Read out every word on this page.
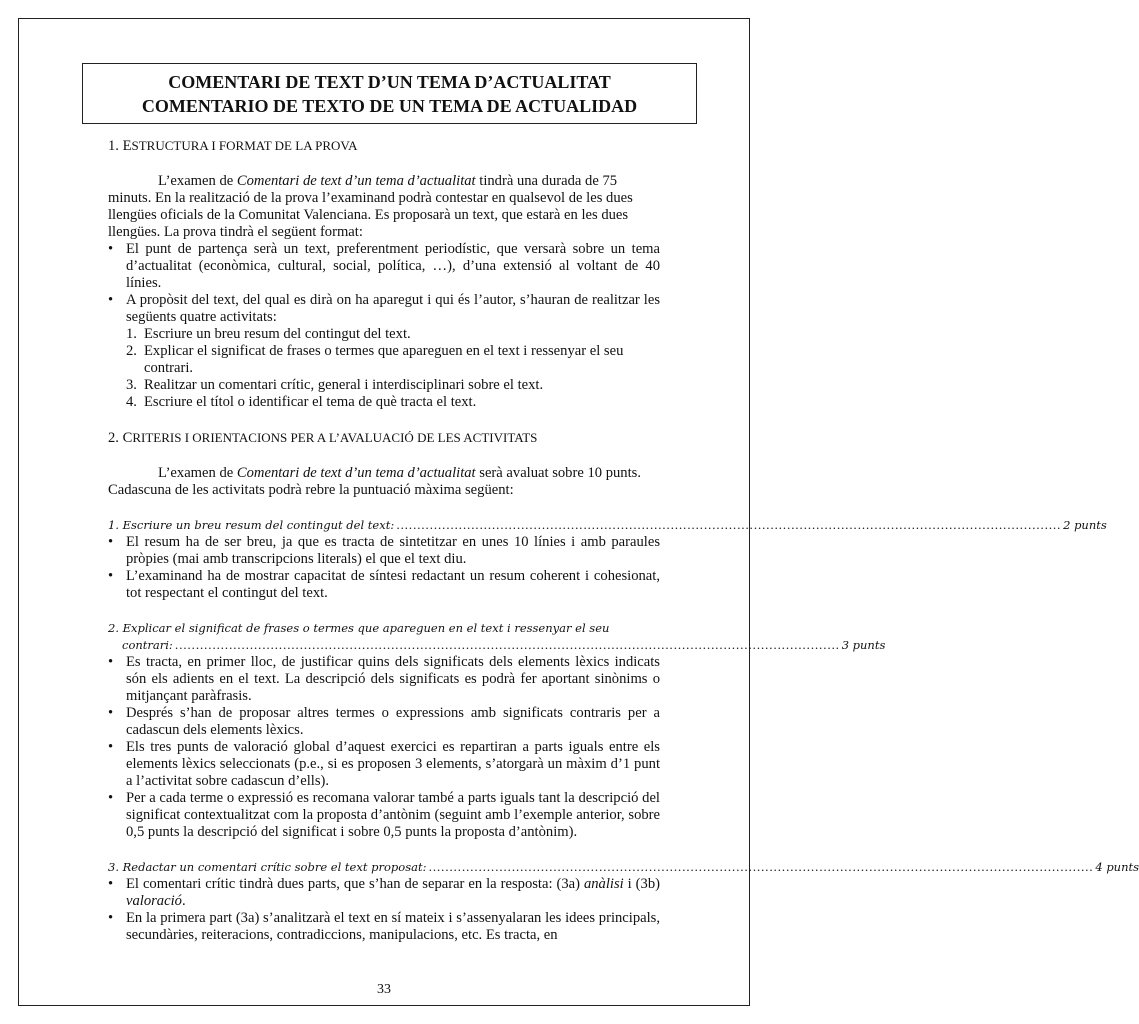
COMENTARI DE TEXT D’UN TEMA D’ACTUALITAT
COMENTARIO DE TEXTO DE UN TEMA DE ACTUALIDAD

1. ESTRUCTURA I FORMAT DE LA PROVA

L’examen de Comentari de text d’un tema d’actualitat tindrà una durada de 75 minuts. En la realització de la prova l’examinand podrà contestar en qualsevol de les dues llengües oficials de la Comunitat Valenciana. Es proposarà un text, que estarà en les dues llengües. La prova tindrà el següent format:

• El punt de partença serà un text, preferentment periodístic, que versarà sobre un tema d’actualitat (econòmica, cultural, social, política, …), d’una extensió al voltant de 40 línies.
• A propòsit del text, del qual es dirà on ha aparegut i qui és l’autor, s’hauran de realitzar les següents quatre activitats:
1. Escriure un breu resum del contingut del text.
2. Explicar el significat de frases o termes que apareguen en el text i ressenyar el seu contrari.
3. Realitzar un comentari crític, general i interdisciplinari sobre el text.
4. Escriure el títol o identificar el tema de què tracta el text.

2. CRITERIS I ORIENTACIONS PER A L’AVALUACIÓ DE LES ACTIVITATS

L’examen de Comentari de text d’un tema d’actualitat serà avaluat sobre 10 punts. Cadascuna de les activitats podrà rebre la puntuació màxima següent:

1. Escriure un breu resum del contingut del text: ................................................................................................................................................................ 2 punts
• El resum ha de ser breu, ja que es tracta de sintetitzar en unes 10 línies i amb paraules pròpies (mai amb transcripcions literals) el que el text diu.
• L’examinand ha de mostrar capacitat de síntesi redactant un resum coherent i cohesionat, tot respectant el contingut del text.
2. Explicar el significat de frases o termes que apareguen en el text i ressenyar el seu
contrari: ................................................................................................................................................................ 3 punts
• Es tracta, en primer lloc, de justificar quins dels significats dels elements lèxics indicats són els adients en el text. La descripció dels significats es podrà fer aportant sinònims o mitjançant paràfrasis.
• Després s’han de proposar altres termes o expressions amb significats contraris per a cadascun dels elements lèxics.
• Els tres punts de valoració global d’aquest exercici es repartiran a parts iguals entre els elements lèxics seleccionats (p.e., si es proposen 3 elements, s’atorgarà un màxim d’1 punt a l’activitat sobre cadascun d’ells).
• Per a cada terme o expressió es recomana valorar també a parts iguals tant la descripció del significat contextualitzat com la proposta d’antònim (seguint amb l’exemple anterior, sobre 0,5 punts la descripció del significat i sobre 0,5 punts la proposta d’antònim).
3. Redactar un comentari crític sobre el text proposat: ................................................................................................................................................................ 4 punts
• El comentari crític tindrà dues parts, que s’han de separar en la resposta: (3a) anàlisi i (3b) valoració.
• En la primera part (3a) s’analitzarà el text en sí mateix i s’assenyalaran les idees principals, secundàries, reiteracions, contradiccions, manipulacions, etc. Es tracta, en
33
